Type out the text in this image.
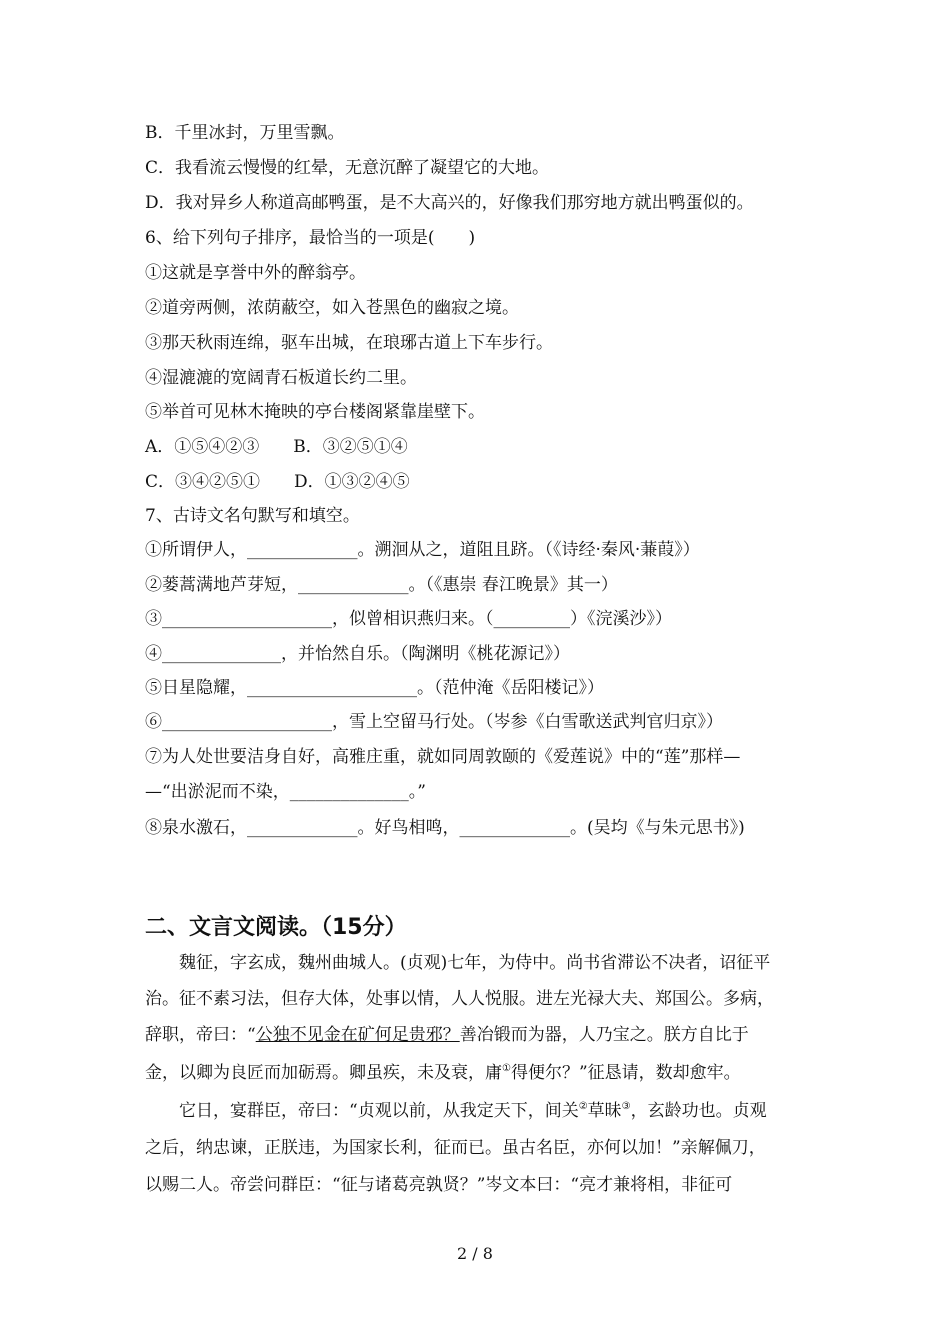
B．千里冰封，万里雪飘。
C．我看流云慢慢的红晕，无意沉醉了凝望它的大地。
D．我对异乡人称道高邮鸭蛋，是不大高兴的，好像我们那穷地方就出鸭蛋似的。
6、给下列句子排序，最恰当的一项是(　　)
①这就是享誉中外的醉翁亭。
②道旁两侧，浓荫蔽空，如入苍黑色的幽寂之境。
③那天秋雨连绵，驱车出城，在琅琊古道上下车步行。
④湿漉漉的宽阔青石板道长约二里。
⑤举首可见林木掩映的亭台楼阁紧靠崖壁下。
A．①⑤④②③　　B．③②⑤①④
C．③④②⑤①　　D．①③②④⑤
7、古诗文名句默写和填空。
①所谓伊人，_____________。溯洄从之，道阻且跻。（《诗经·秦风·蒹葭》）
②蒌蒿满地芦芽短，_____________。（《惠崇 春江晚景》其一）
③____________________，似曾相识燕归来。（_________）《浣溪沙》）
④______________，并怡然自乐。（陶渊明《桃花源记》）
⑤日星隐耀，____________________。（范仲淹《岳阳楼记》）
⑥____________________，雪上空留马行处。（岑参《白雪歌送武判官归京》）
⑦为人处世要洁身自好，高雅庄重，就如同周敦颐的《爱莲说》中的“莲”那样—
—“出淤泥而不染，______________。”
⑧泉水激石，_____________。好鸟相鸣，_____________。(吴均《与朱元思书》)
二、文言文阅读。（15分）
　　魏征，字玄成，魏州曲城人。(贞观)七年，为侍中。尚书省滞讼不决者，诏征平
治。征不素习法，但存大体，处事以情，人人悦服。进左光禄大夫、郑国公。多病，
辞职，帝曰：“公独不见金在矿何足贵邪？善冶锻而为器，人乃宝之。朕方自比于
金，以卿为良匠而加砺焉。卿虽疾，未及衰，庸①得便尔？”征恳请，数却愈牢。
　　它日，宴群臣，帝曰：“贞观以前，从我定天下，间关②草昧③，玄龄功也。贞观
之后，纳忠谏，正朕违，为国家长利，征而已。虽古名臣，亦何以加！”亲解佩刀，
以赐二人。帝尝问群臣：“征与诸葛亮孰贤？”岑文本曰：“亮才兼将相，非征可
2 / 8
